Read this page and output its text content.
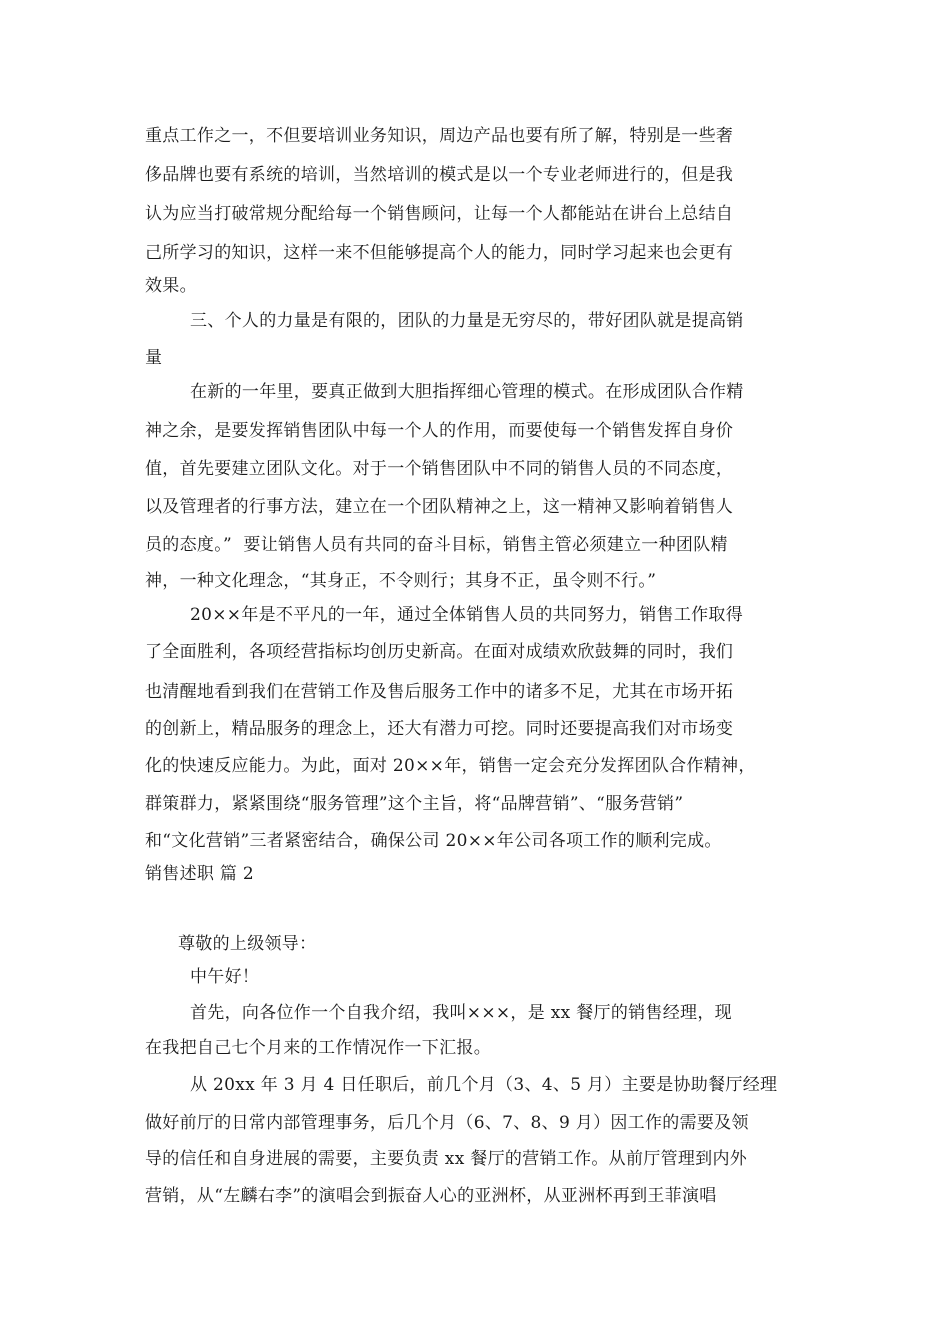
重点工作之一，不但要培训业务知识，周边产品也要有所了解，特别是一些奢
侈品牌也要有系统的培训，当然培训的模式是以一个专业老师进行的，但是我
认为应当打破常规分配给每一个销售顾问，让每一个人都能站在讲台上总结自
己所学习的知识，这样一来不但能够提高个人的能力，同时学习起来也会更有
效果。
三、个人的力量是有限的，团队的力量是无穷尽的，带好团队就是提高销
量
在新的一年里，要真正做到大胆指挥细心管理的模式。在形成团队合作精
神之余，是要发挥销售团队中每一个人的作用，而要使每一个销售发挥自身价
值，首先要建立团队文化。对于一个销售团队中不同的销售人员的不同态度，
以及管理者的行事方法，建立在一个团队精神之上，这一精神又影响着销售人
员的态度。”  要让销售人员有共同的奋斗目标，销售主管必须建立一种团队精
神，一种文化理念，“其身正，不令则行；其身不正，虽令则不行。”
20××年是不平凡的一年，通过全体销售人员的共同努力，销售工作取得
了全面胜利，各项经营指标均创历史新高。在面对成绩欢欣鼓舞的同时，我们
也清醒地看到我们在营销工作及售后服务工作中的诸多不足，尤其在市场开拓
的创新上，精品服务的理念上，还大有潜力可挖。同时还要提高我们对市场变
化的快速反应能力。为此，面对 20××年，销售一定会充分发挥团队合作精神，
群策群力，紧紧围绕“服务管理”这个主旨，将“品牌营销”、“服务营销”
和“文化营销”三者紧密结合，确保公司 20××年公司各项工作的顺利完成。
销售述职 篇 2
尊敬的上级领导：
中午好！
首先，向各位作一个自我介绍，我叫×××，是 xx 餐厅的销售经理，现
在我把自己七个月来的工作情况作一下汇报。
从 20xx 年 3 月 4 日任职后，前几个月（3、4、5 月）主要是协助餐厅经理
做好前厅的日常内部管理事务，后几个月（6、7、8、9 月）因工作的需要及领
导的信任和自身进展的需要，主要负责 xx 餐厅的营销工作。从前厅管理到内外
营销，从“左麟右李”的演唱会到振奋人心的亚洲杯，从亚洲杯再到王菲演唱
